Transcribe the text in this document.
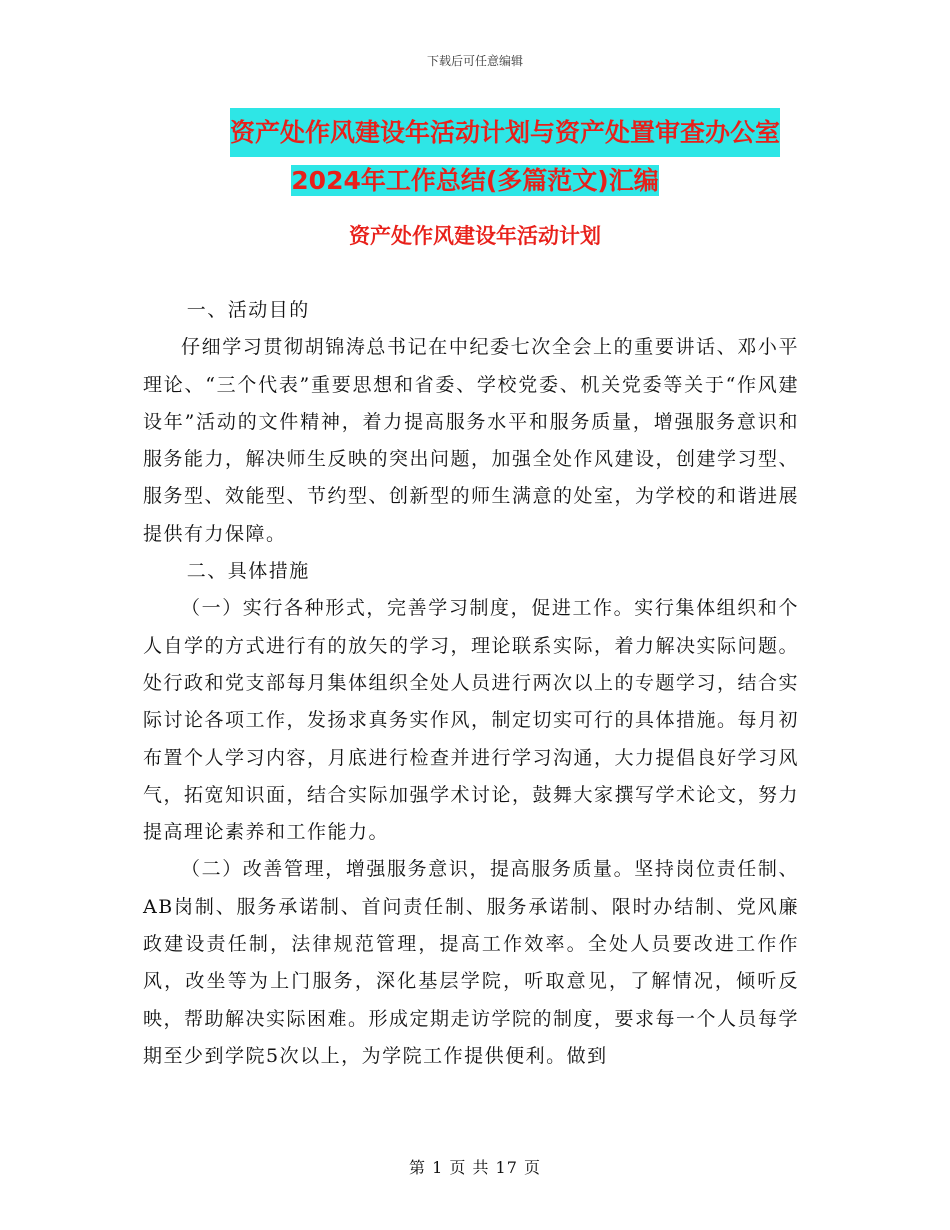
下载后可任意编辑
资产处作风建设年活动计划与资产处置审查办公室
2024年工作总结(多篇范文)汇编
资产处作风建设年活动计划

一、活动目的

仔细学习贯彻胡锦涛总书记在中纪委七次全会上的重要讲话、邓小平理论、“三个代表”重要思想和省委、学校党委、机关党委等关于“作风建设年”活动的文件精神，着力提高服务水平和服务质量，增强服务意识和服务能力，解决师生反映的突出问题，加强全处作风建设，创建学习型、服务型、效能型、节约型、创新型的师生满意的处室，为学校的和谐进展提供有力保障。

二、具体措施

（一）实行各种形式，完善学习制度，促进工作。实行集体组织和个人自学的方式进行有的放矢的学习，理论联系实际，着力解决实际问题。处行政和党支部每月集体组织全处人员进行两次以上的专题学习，结合实际讨论各项工作，发扬求真务实作风，制定切实可行的具体措施。每月初布置个人学习内容，月底进行检查并进行学习沟通，大力提倡良好学习风气，拓宽知识面，结合实际加强学术讨论，鼓舞大家撰写学术论文，努力提高理论素养和工作能力。

（二）改善管理，增强服务意识，提高服务质量。坚持岗位责任制、AB岗制、服务承诺制、首问责任制、服务承诺制、限时办结制、党风廉政建设责任制，法律规范管理，提高工作效率。全处人员要改进工作作风，改坐等为上门服务，深化基层学院，听取意见，了解情况，倾听反映，帮助解决实际困难。形成定期走访学院的制度，要求每一个人员每学期至少到学院5次以上，为学院工作提供便利。做到

第 1 页 共 17 页
